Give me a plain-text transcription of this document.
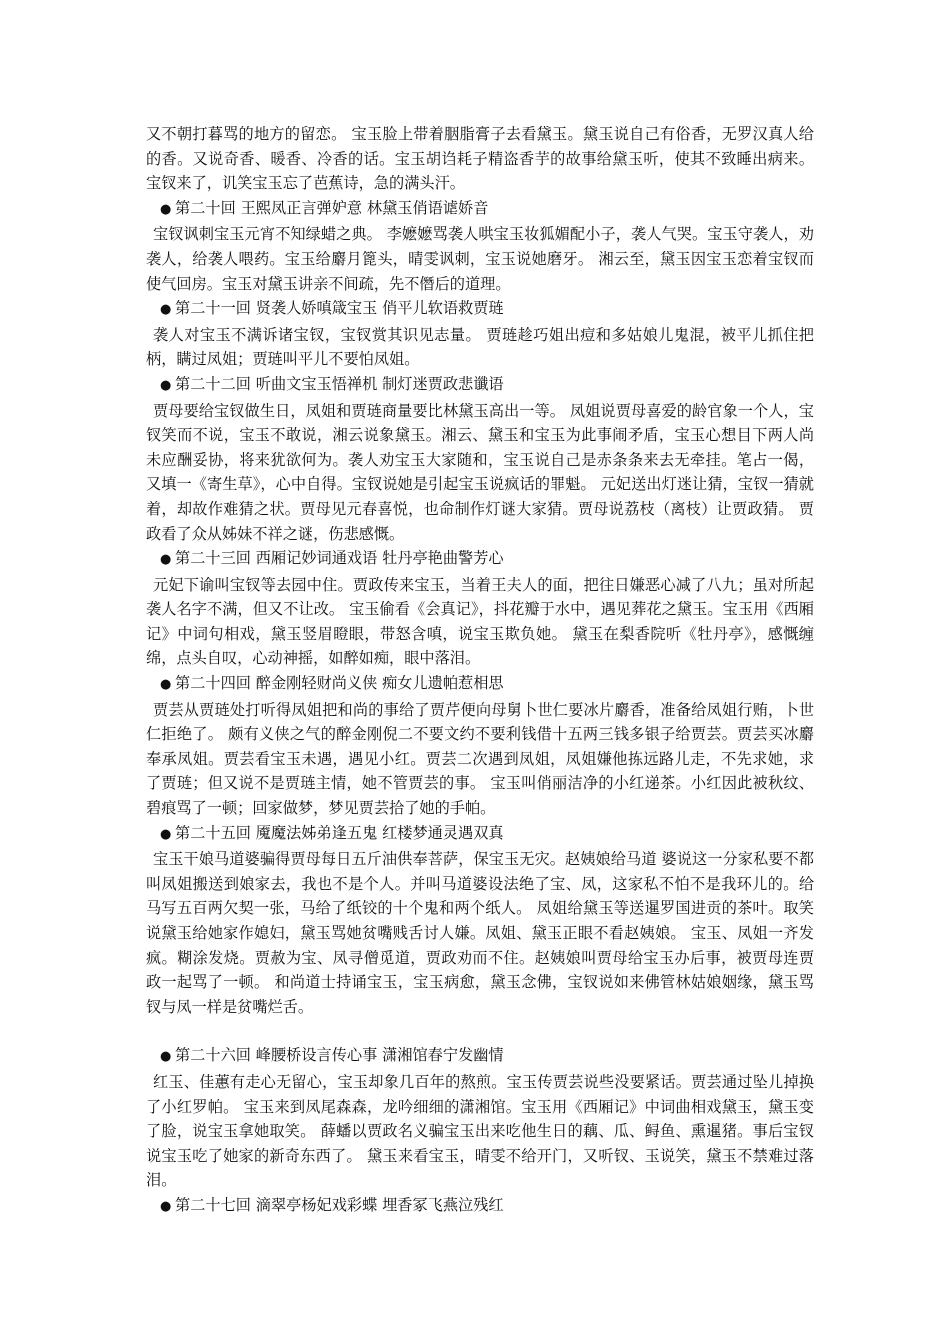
又不朝打暮骂的地方的留恋。 宝玉脸上带着胭脂膏子去看黛玉。黛玉说自己有俗香，无罗汉真人给的香。又说奇香、暖香、冷香的话。宝玉胡诌耗子精盗香芋的故事给黛玉听，使其不致睡出病来。宝钗来了，讥笑宝玉忘了芭蕉诗，急的满头汗。

● 第二十回 王熙凤正言弹妒意 林黛玉俏语谑娇音

宝钗讽刺宝玉元宵不知绿蜡之典。 李嬷嬷骂袭人哄宝玉妆狐媚配小子，袭人气哭。宝玉守袭人，劝袭人，给袭人喂药。宝玉给麝月篦头，晴雯讽刺，宝玉说她磨牙。 湘云至，黛玉因宝玉恋着宝钗而使气回房。宝玉对黛玉讲亲不间疏，先不僭后的道理。

● 第二十一回 贤袭人娇嗔箴宝玉 俏平儿软语救贾琏

袭人对宝玉不满诉诸宝钗，宝钗赏其识见志量。 贾琏趁巧姐出痘和多姑娘儿鬼混，被平儿抓住把柄，瞒过凤姐；贾琏叫平儿不要怕凤姐。

● 第二十二回 听曲文宝玉悟禅机 制灯迷贾政悲谶语

贾母要给宝钗做生日，凤姐和贾琏商量要比林黛玉高出一等。 凤姐说贾母喜爱的龄官象一个人，宝钗笑而不说，宝玉不敢说，湘云说象黛玉。湘云、黛玉和宝玉为此事闹矛盾，宝玉心想目下两人尚未应酬妥协，将来犹欲何为。袭人劝宝玉大家随和，宝玉说自己是赤条条来去无牵挂。笔占一偈，又填一《寄生草》，心中自得。宝钗说她是引起宝玉说疯话的罪魁。 元妃送出灯迷让猜，宝钗一猜就着，却故作难猜之状。贾母见元春喜悦，也命制作灯谜大家猜。贾母说荔枝（离枝）让贾政猜。 贾政看了众从姊妹不祥之谜，伤悲感慨。

● 第二十三回 西厢记妙词通戏语 牡丹亭艳曲警芳心

元妃下谕叫宝钗等去园中住。贾政传来宝玉，当着王夫人的面，把往日嫌恶心减了八九；虽对所起袭人名字不满，但又不让改。 宝玉偷看《会真记》，抖花瓣于水中，遇见葬花之黛玉。宝玉用《西厢记》中词句相戏，黛玉竖眉瞪眼，带怒含嗔，说宝玉欺负她。 黛玉在梨香院听《牡丹亭》，感慨缠绵，点头自叹，心动神摇，如醉如痴，眼中落泪。

● 第二十四回 醉金刚轻财尚义侠 痴女儿遗帕惹相思

贾芸从贾琏处打听得凤姐把和尚的事给了贾芹便向母舅卜世仁要冰片麝香，准备给凤姐行贿，卜世仁拒绝了。 颇有义侠之气的醉金刚倪二不要文约不要利钱借十五两三钱多银子给贾芸。贾芸买冰麝奉承凤姐。贾芸看宝玉未遇，遇见小红。贾芸二次遇到凤姐，凤姐嫌他拣远路儿走，不先求她，求了贾琏；但又说不是贾琏主情，她不管贾芸的事。 宝玉叫俏丽洁净的小红递茶。小红因此被秋纹、碧痕骂了一顿；回家做梦，梦见贾芸拾了她的手帕。

● 第二十五回 魇魔法姊弟逢五鬼 红楼梦通灵遇双真

宝玉干娘马道婆骗得贾母每日五斤油供奉菩萨，保宝玉无灾。赵姨娘给马道 婆说这一分家私要不都叫凤姐搬送到娘家去，我也不是个人。并叫马道婆设法绝了宝、凤，这家私不怕不是我环儿的。给马写五百两欠契一张，马给了纸铰的十个鬼和两个纸人。 凤姐给黛玉等送暹罗国进贡的茶叶。取笑说黛玉给她家作媳妇，黛玉骂她贫嘴贱舌讨人嫌。凤姐、黛玉正眼不看赵姨娘。 宝玉、凤姐一齐发疯。糊涂发烧。贾赦为宝、凤寻僧觅道，贾政劝而不住。赵姨娘叫贾母给宝玉办后事，被贾母连贾政一起骂了一顿。 和尚道士持诵宝玉，宝玉病愈，黛玉念佛，宝钗说如来佛管林姑娘姻缘，黛玉骂钗与凤一样是贫嘴烂舌。

● 第二十六回 峰腰桥设言传心事 潇湘馆春宁发幽情

红玉、佳蕙有走心无留心，宝玉却象几百年的熬煎。宝玉传贾芸说些没要紧话。贾芸通过坠儿掉换了小红罗帕。 宝玉来到凤尾森森，龙吟细细的潇湘馆。宝玉用《西厢记》中词曲相戏黛玉，黛玉变了脸，说宝玉拿她取笑。 薛蟠以贾政名义骗宝玉出来吃他生日的藕、瓜、鲟鱼、熏暹猪。事后宝钗说宝玉吃了她家的新奇东西了。 黛玉来看宝玉，晴雯不给开门，又听钗、玉说笑，黛玉不禁难过落泪。

● 第二十七回 滴翠亭杨妃戏彩蝶 埋香冢飞燕泣残红
